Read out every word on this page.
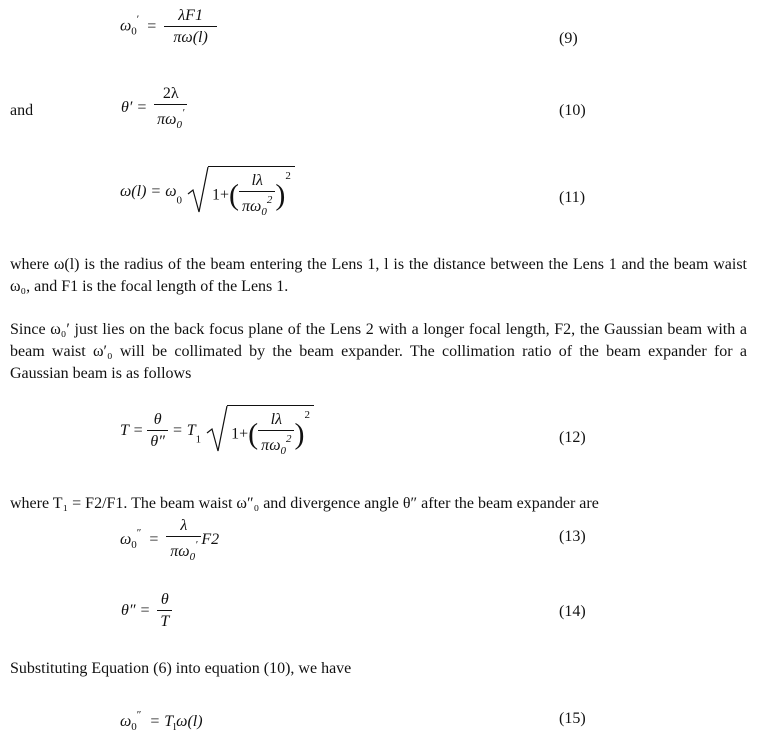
$\omega_0' = \frac{\lambda F1}{\pi\omega(l)}$	(9)
and	$\theta' = \frac{2\lambda}{\pi\omega_0'}$	(10)
$\omega(l) = \omega_0$ $1+( \frac{l\lambda}{\pi\omega_0^2} )^2$
(11)
where ω(l) is the radius of the beam entering the Lens 1, l is the distance between the Lens 1 and the beam waist ω₀, and F1 is the focal length of the Lens 1.
Since ω₀′ just lies on the back focus plane of the Lens 2 with a longer focal length, F2, the Gaussian beam with a beam waist ω′₀ will be collimated by the beam expander. The collimation ratio of the beam expander for a Gaussian beam is as follows
$T = \frac{\theta}{\theta''} = T_1$ $1+( \frac{l\lambda}{\pi\omega_0^2} )^2$
(12)
where T₁ = F2/F1. The beam waist ω″₀ and divergence angle θ″ after the beam expander are
$\omega_0'' = \frac{\lambda}{\pi\omega_0'} F2$	(13)
$\theta'' = \frac{\theta}{T}$	(14)
Substituting Equation (6) into equation (10), we have
$\omega_0'' = T_l\omega(l)$	(15)
